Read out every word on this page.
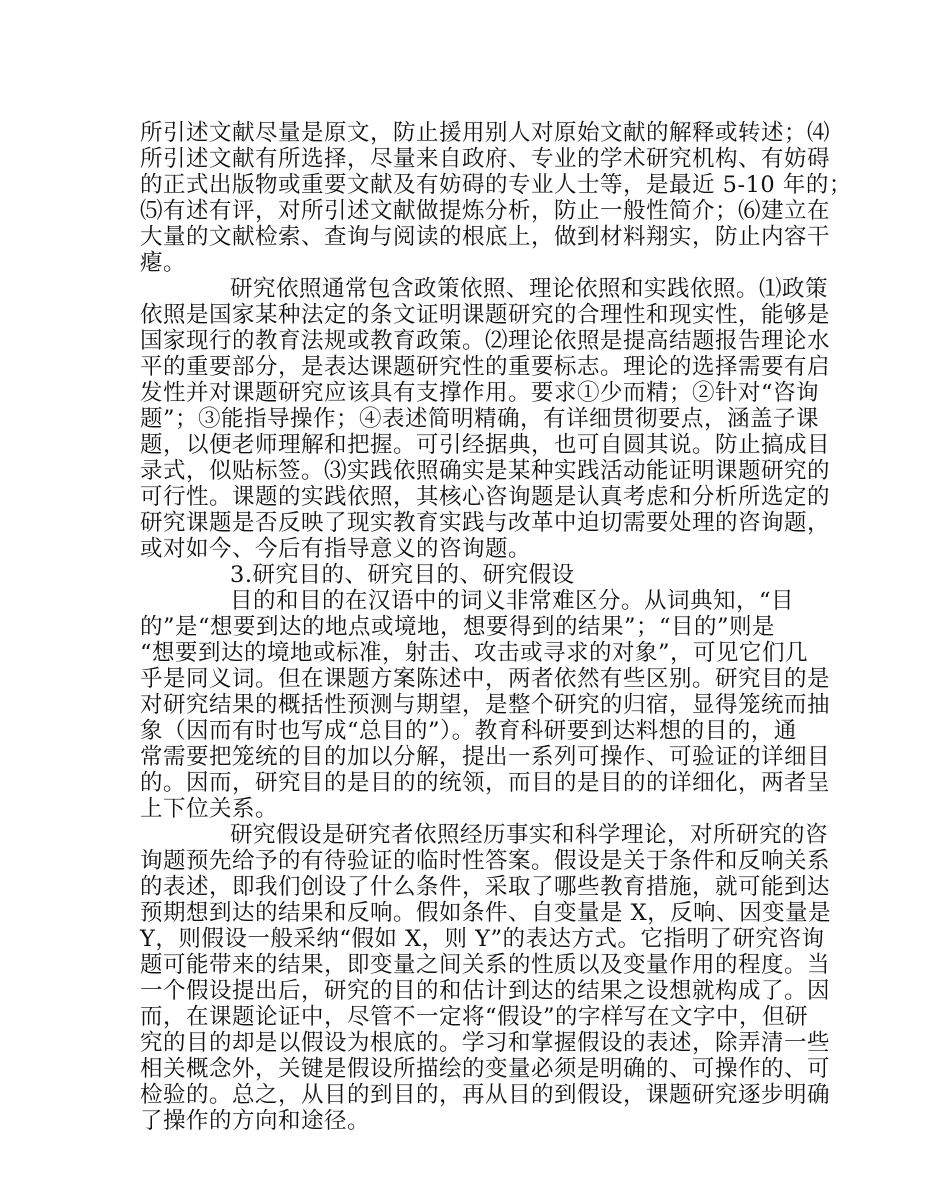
所引述文献尽量是原文，防止援用别人对原始文献的解释或转述；⑷
所引述文献有所选择，尽量来自政府、专业的学术研究机构、有妨碍
的正式出版物或重要文献及有妨碍的专业人士等，是最近 5-10 年的；
⑸有述有评，对所引述文献做提炼分析，防止一般性简介；⑹建立在
大量的文献检索、查询与阅读的根底上，做到材料翔实，防止内容干
瘪。
研究依照通常包含政策依照、理论依照和实践依照。⑴政策
依照是国家某种法定的条文证明课题研究的合理性和现实性，能够是
国家现行的教育法规或教育政策。⑵理论依照是提高结题报告理论水
平的重要部分，是表达课题研究性的重要标志。理论的选择需要有启
发性并对课题研究应该具有支撑作用。要求①少而精；②针对“咨询
题”；③能指导操作；④表述简明精确，有详细贯彻要点，涵盖子课
题，以便老师理解和把握。可引经据典，也可自圆其说。防止搞成目
录式，似贴标签。⑶实践依照确实是某种实践活动能证明课题研究的
可行性。课题的实践依照，其核心咨询题是认真考虑和分析所选定的
研究课题是否反映了现实教育实践与改革中迫切需要处理的咨询题，
或对如今、今后有指导意义的咨询题。
3.研究目的、研究目的、研究假设
目的和目的在汉语中的词义非常难区分。从词典知，“目
的”是“想要到达的地点或境地，想要得到的结果”；“目的”则是
“想要到达的境地或标准，射击、攻击或寻求的对象”，可见它们几
乎是同义词。但在课题方案陈述中，两者依然有些区别。研究目的是
对研究结果的概括性预测与期望，是整个研究的归宿，显得笼统而抽
象（因而有时也写成“总目的”）。教育科研要到达料想的目的，通
常需要把笼统的目的加以分解，提出一系列可操作、可验证的详细目
的。因而，研究目的是目的的统领，而目的是目的的详细化，两者呈
上下位关系。
研究假设是研究者依照经历事实和科学理论，对所研究的咨
询题预先给予的有待验证的临时性答案。假设是关于条件和反响关系
的表述，即我们创设了什么条件，采取了哪些教育措施，就可能到达
预期想到达的结果和反响。假如条件、自变量是 X，反响、因变量是
Y，则假设一般采纳“假如 X，则 Y”的表达方式。它指明了研究咨询
题可能带来的结果，即变量之间关系的性质以及变量作用的程度。当
一个假设提出后，研究的目的和估计到达的结果之设想就构成了。因
而，在课题论证中，尽管不一定将“假设”的字样写在文字中，但研
究的目的却是以假设为根底的。学习和掌握假设的表述，除弄清一些
相关概念外，关键是假设所描绘的变量必须是明确的、可操作的、可
检验的。总之，从目的到目的，再从目的到假设，课题研究逐步明确
了操作的方向和途径。
